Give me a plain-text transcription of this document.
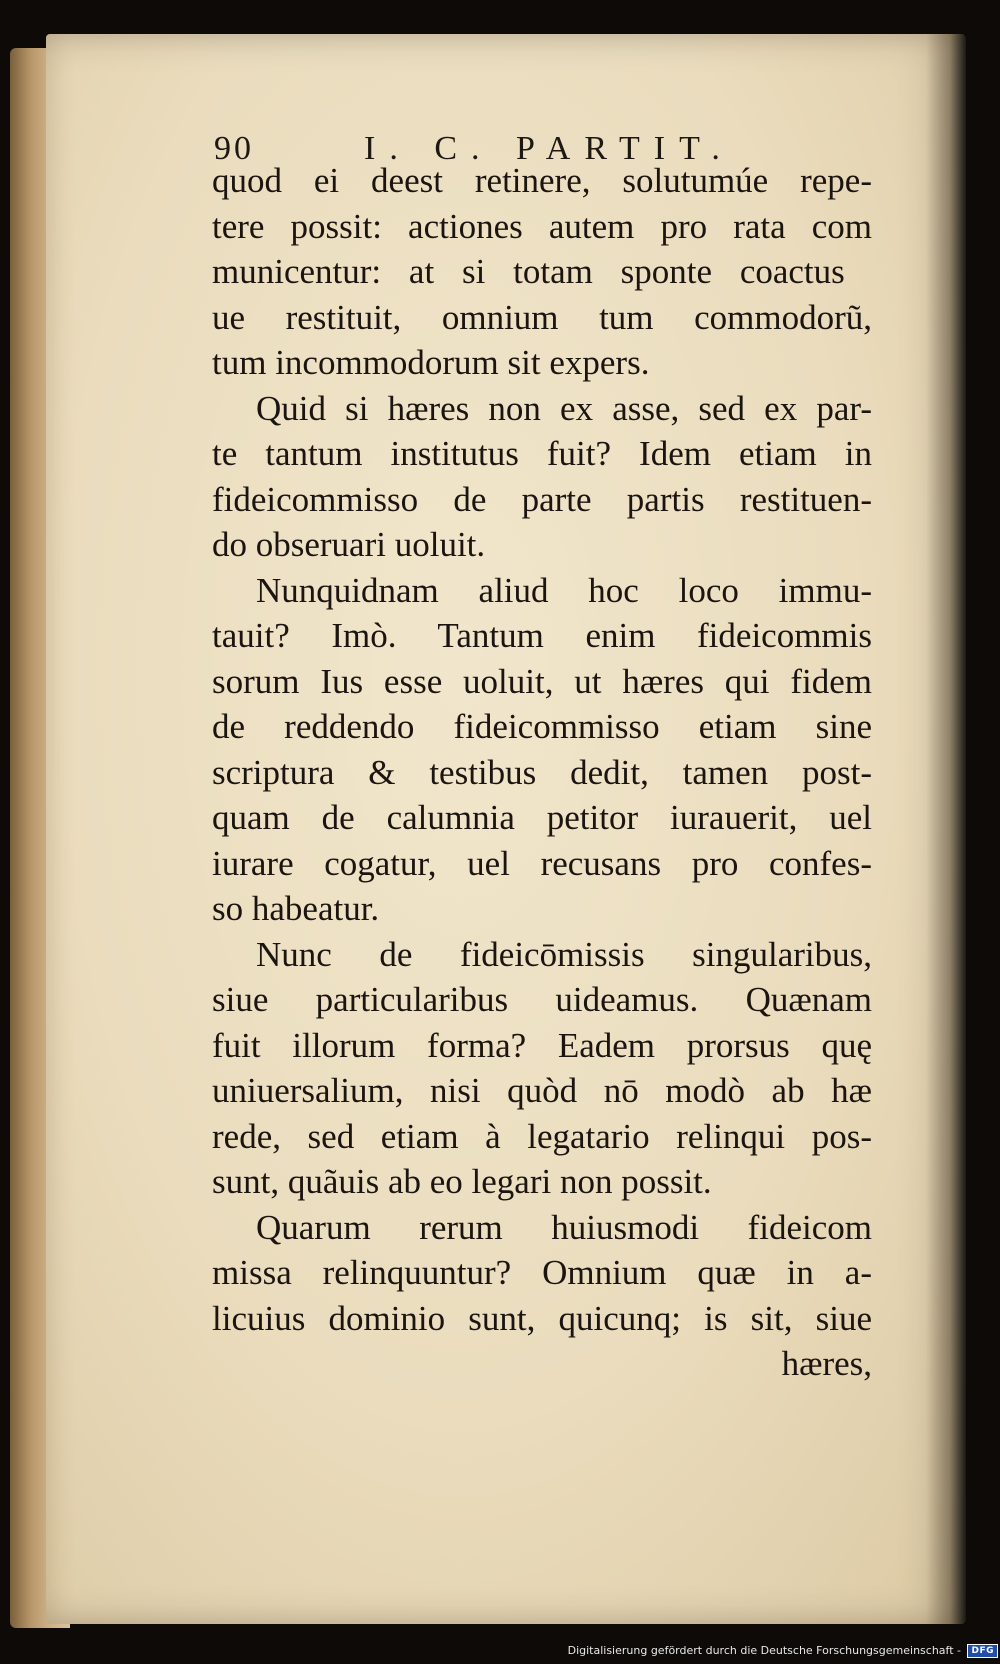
90	I. C. PARTIT.
quod ei deest retinere, solutumúe repe-
tere possit: actiones autem pro rata com
municentur: at si totam sponte coactusᷝ
ue restituit, omnium tum commodorũ,
tum incommodorum sit expers.
Quid si hæres non ex asse, sed ex par-
te tantum institutus fuit? Idem etiam in
fideicommisso de parte partis restituen-
do obseruari uoluit.
Nunquidnam aliud hoc loco immu-
tauit? Imò. Tantum enim fideicommis
sorum Ius esse uoluit, ut hæres qui fidem
de reddendo fideicommisso etiam sine
scriptura & testibus dedit, tamen post-
quam de calumnia petitor iurauerit, uel
iurare cogatur, uel recusans pro confes-
so habeatur.
Nunc de fideicōmissis singularibus,
siue particularibus uideamus. Quænam
fuit illorum forma? Eadem prorsus quę
uniuersalium, nisi quòd nō modò ab hæ
rede, sed etiam à legatario relinqui pos-
sunt, quãuis ab eo legari non possit.
Quarum rerum huiusmodi fideicom
missa relinquuntur? Omnium quæ in a-
licuius dominio sunt, quicunq; is sit, siue
hæres,
Digitalisierung gefördert durch die Deutsche Forschungsgemeinschaft - DFG
